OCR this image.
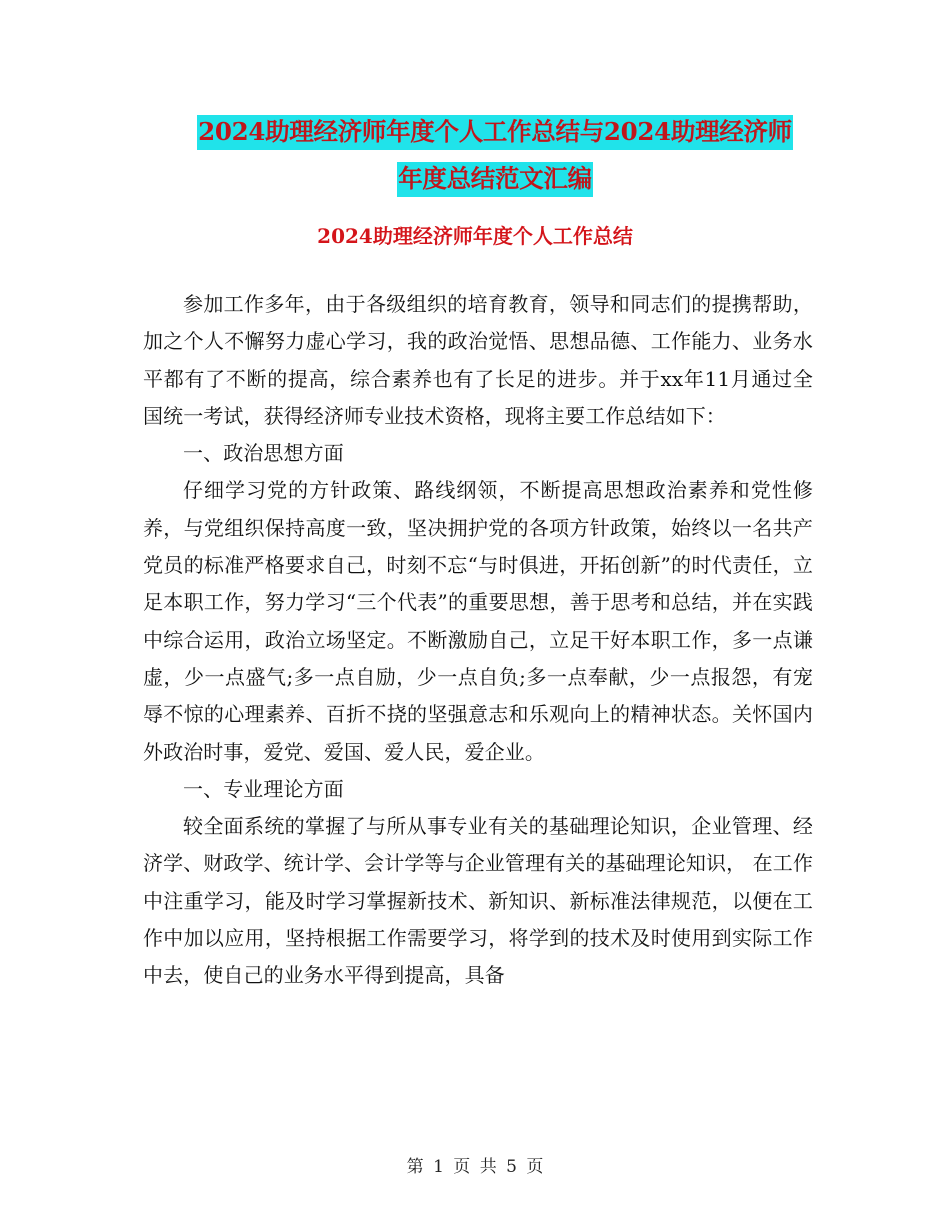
2024助理经济师年度个人工作总结与2024助理经济师
年度总结范文汇编
2024助理经济师年度个人工作总结

参加工作多年，由于各级组织的培育教育，领导和同志们的提携帮助，加之个人不懈努力虚心学习，我的政治觉悟、思想品德、工作能力、业务水平都有了不断的提高，综合素养也有了长足的进步。并于xx年11月通过全国统一考试，获得经济师专业技术资格，现将主要工作总结如下：

一、政治思想方面

仔细学习党的方针政策、路线纲领，不断提高思想政治素养和党性修养，与党组织保持高度一致，坚决拥护党的各项方针政策，始终以一名共产党员的标准严格要求自己，时刻不忘“与时俱进，开拓创新”的时代责任，立足本职工作，努力学习“三个代表”的重要思想，善于思考和总结，并在实践中综合运用，政治立场坚定。不断激励自己，立足干好本职工作，多一点谦虚，少一点盛气;多一点自励，少一点自负;多一点奉献，少一点报怨，有宠辱不惊的心理素养、百折不挠的坚强意志和乐观向上的精神状态。关怀国内外政治时事，爱党、爱国、爱人民，爱企业。

一、专业理论方面

较全面系统的掌握了与所从事专业有关的基础理论知识，企业管理、经济学、财政学、统计学、会计学等与企业管理有关的基础理论知识， 在工作中注重学习，能及时学习掌握新技术、新知识、新标准法律规范，以便在工作中加以应用，坚持根据工作需要学习，将学到的技术及时使用到实际工作中去，使自己的业务水平得到提高，具备

第 1 页 共 5 页
